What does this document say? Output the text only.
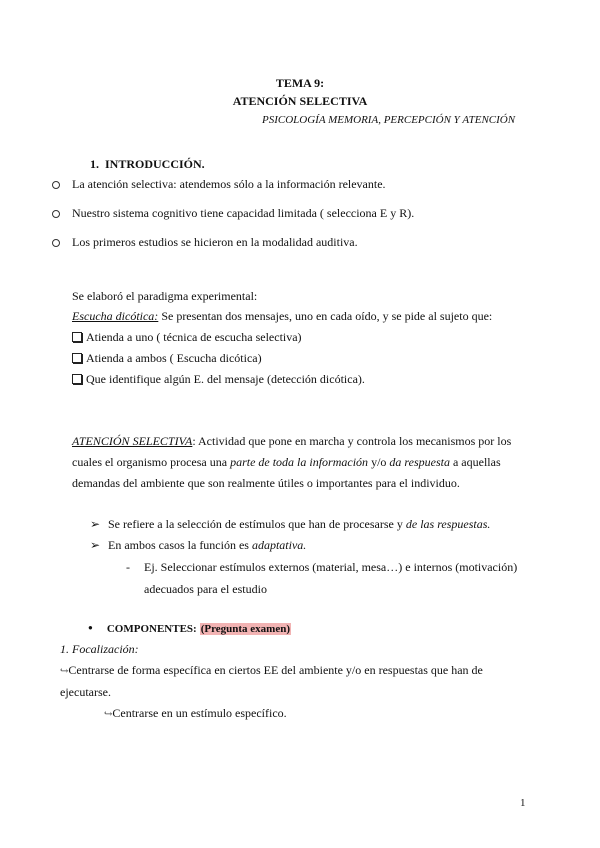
TEMA 9:
ATENCIÓN SELECTIVA
PSICOLOGÍA MEMORIA, PERCEPCIÓN Y ATENCIÓN
1.  INTRODUCCIÓN.
La atención selectiva: atendemos sólo a la información relevante.
Nuestro sistema cognitivo tiene capacidad limitada ( selecciona E y R).
Los primeros estudios se hicieron en la modalidad auditiva.
Se elaboró el paradigma experimental:
Escucha dicótica: Se presentan dos mensajes, uno en cada oído, y se pide al sujeto que:
Atienda a uno ( técnica de escucha selectiva)
Atienda a ambos ( Escucha dicótica)
Que identifique algún E. del mensaje (detección dicótica).
ATENCIÓN SELECTIVA: Actividad que pone en marcha y controla los mecanismos por los
cuales el organismo procesa una parte de toda la información y/o da respuesta a aquellas
demandas del ambiente que son realmente útiles o importantes para el individuo.
➢ Se refiere a la selección de estímulos que han de procesarse y de las respuestas.
➢ En ambos casos la función es adaptativa.
- Ej. Seleccionar estímulos externos (material, mesa…) e internos (motivación)
adecuados para el estudio
● COMPONENTES: (Pregunta examen)
1. Focalización:
↪Centrarse de forma específica en ciertos EE del ambiente y/o en respuestas que han de
ejecutarse.
↪Centrarse en un estímulo específico.
1
